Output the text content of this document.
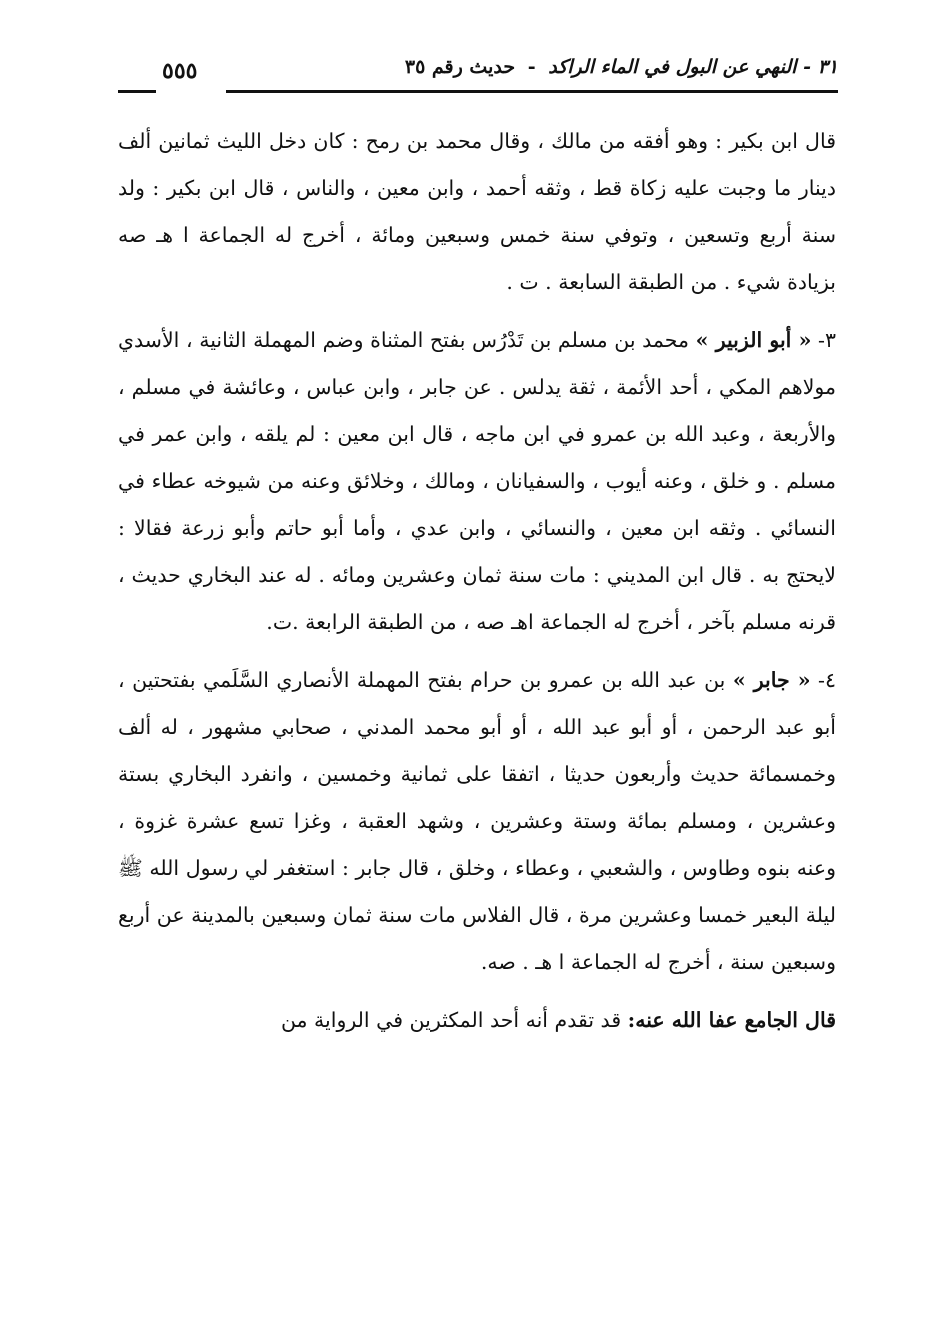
٣١ - النهي عن البول في الماء الراكد - حديث رقم ٣٥
٥٥٥

قال ابن بكير : وهو أفقه من مالك ، وقال محمد بن رمح : كان دخل الليث ثمانين ألف دينار ما وجبت عليه زكاة قط ، وثقه أحمد ، وابن معين ، والناس ، قال ابن بكير : ولد سنة أربع وتسعين ، وتوفي سنة خمس وسبعين ومائة ، أخرج له الجماعة ا هـ صه بزيادة شيء . من الطبقة السابعة . ت .

٣- « أبو الزبير » محمد بن مسلم بن تَدْرُس بفتح المثناة وضم المهملة الثانية ، الأسدي مولاهم المكي ، أحد الأئمة ، ثقة يدلس . عن جابر ، وابن عباس ، وعائشة في مسلم ، والأربعة ، وعبد الله بن عمرو في ابن ماجه ، قال ابن معين : لم يلقه ، وابن عمر في مسلم . و خلق ، وعنه أيوب ، والسفيانان ، ومالك ، وخلائق وعنه من شيوخه عطاء في النسائي . وثقه ابن معين ، والنسائي ، وابن عدي ، وأما أبو حاتم وأبو زرعة فقالا : لايحتج به . قال ابن المديني : مات سنة ثمان وعشرين ومائه . له عند البخاري حديث ، قرنه مسلم بآخر ، أخرج له الجماعة اهـ صه ، من الطبقة الرابعة .ت.

٤- « جابر » بن عبد الله بن عمرو بن حرام بفتح المهملة الأنصاري السَّلَمي بفتحتين ، أبو عبد الرحمن ، أو أبو عبد الله ، أو أبو محمد المدني ، صحابي مشهور ، له ألف وخمسمائة حديث وأربعون حديثا ، اتفقا على ثمانية وخمسين ، وانفرد البخاري بستة وعشرين ، ومسلم بمائة وستة وعشرين ، وشهد العقبة ، وغزا تسع عشرة غزوة ، وعنه بنوه وطاوس ، والشعبي ، وعطاء ، وخلق ، قال جابر : استغفر لي رسول الله ﷺ ليلة البعير خمسا وعشرين مرة ، قال الفلاس مات سنة ثمان وسبعين بالمدينة عن أربع وسبعين سنة ، أخرج له الجماعة ا هـ . صه.

قال الجامع عفا الله عنه: قد تقدم أنه أحد المكثرين في الرواية من
